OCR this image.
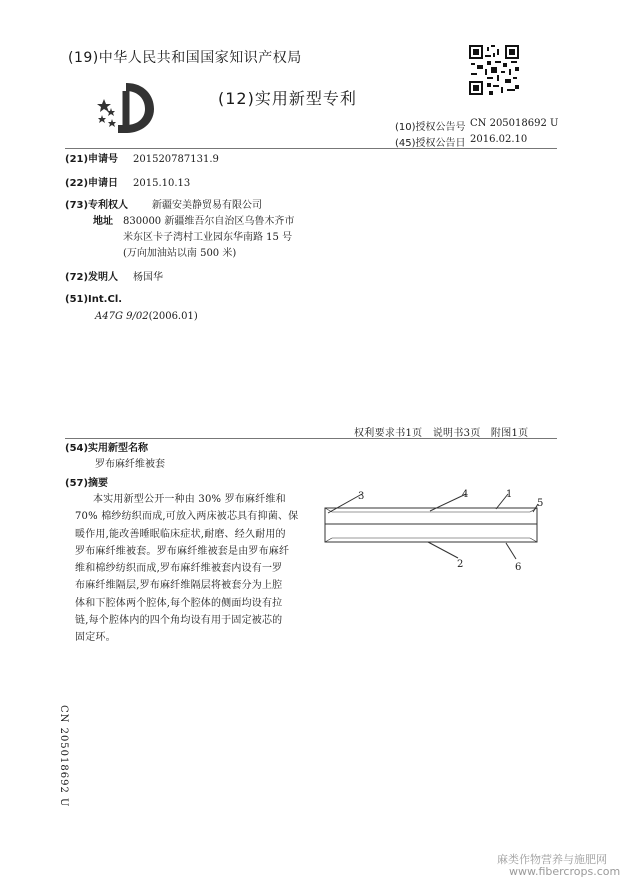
(19)中华人民共和国国家知识产权局
(12)实用新型专利
(10)授权公告号 CN 205018692 U
(45)授权公告日 2016.02.10
(21)申请号 201520787131.9
(22)申请日 2015.10.13
(73)专利权人 新疆安美静贸易有限公司
地址 830000 新疆维吾尔自治区乌鲁木齐市
米东区卡子湾村工业园东华南路 15 号
(万向加油站以南 500 米)
(72)发明人 杨国华
(51)Int.Cl.
A47G 9/02(2006.01)
权利要求书1页　说明书3页　附图1页
(54)实用新型名称
罗布麻纤维被套
(57)摘要

本实用新型公开一种由 30% 罗布麻纤维和

70% 棉纱纺织而成,可放入两床被芯具有抑菌、保

暖作用,能改善睡眠临床症状,耐磨、经久耐用的

罗布麻纤维被套。罗布麻纤维被套是由罗布麻纤

维和棉纱纺织而成,罗布麻纤维被套内设有一罗

布麻纤维隔层,罗布麻纤维隔层将被套分为上腔

体和下腔体两个腔体,每个腔体的侧面均设有拉

链,每个腔体内的四个角均设有用于固定被芯的

固定环。

3	4	1
5
2	6
CN 205018692 U
麻类作物营养与施肥网
www.fibercrops.com
